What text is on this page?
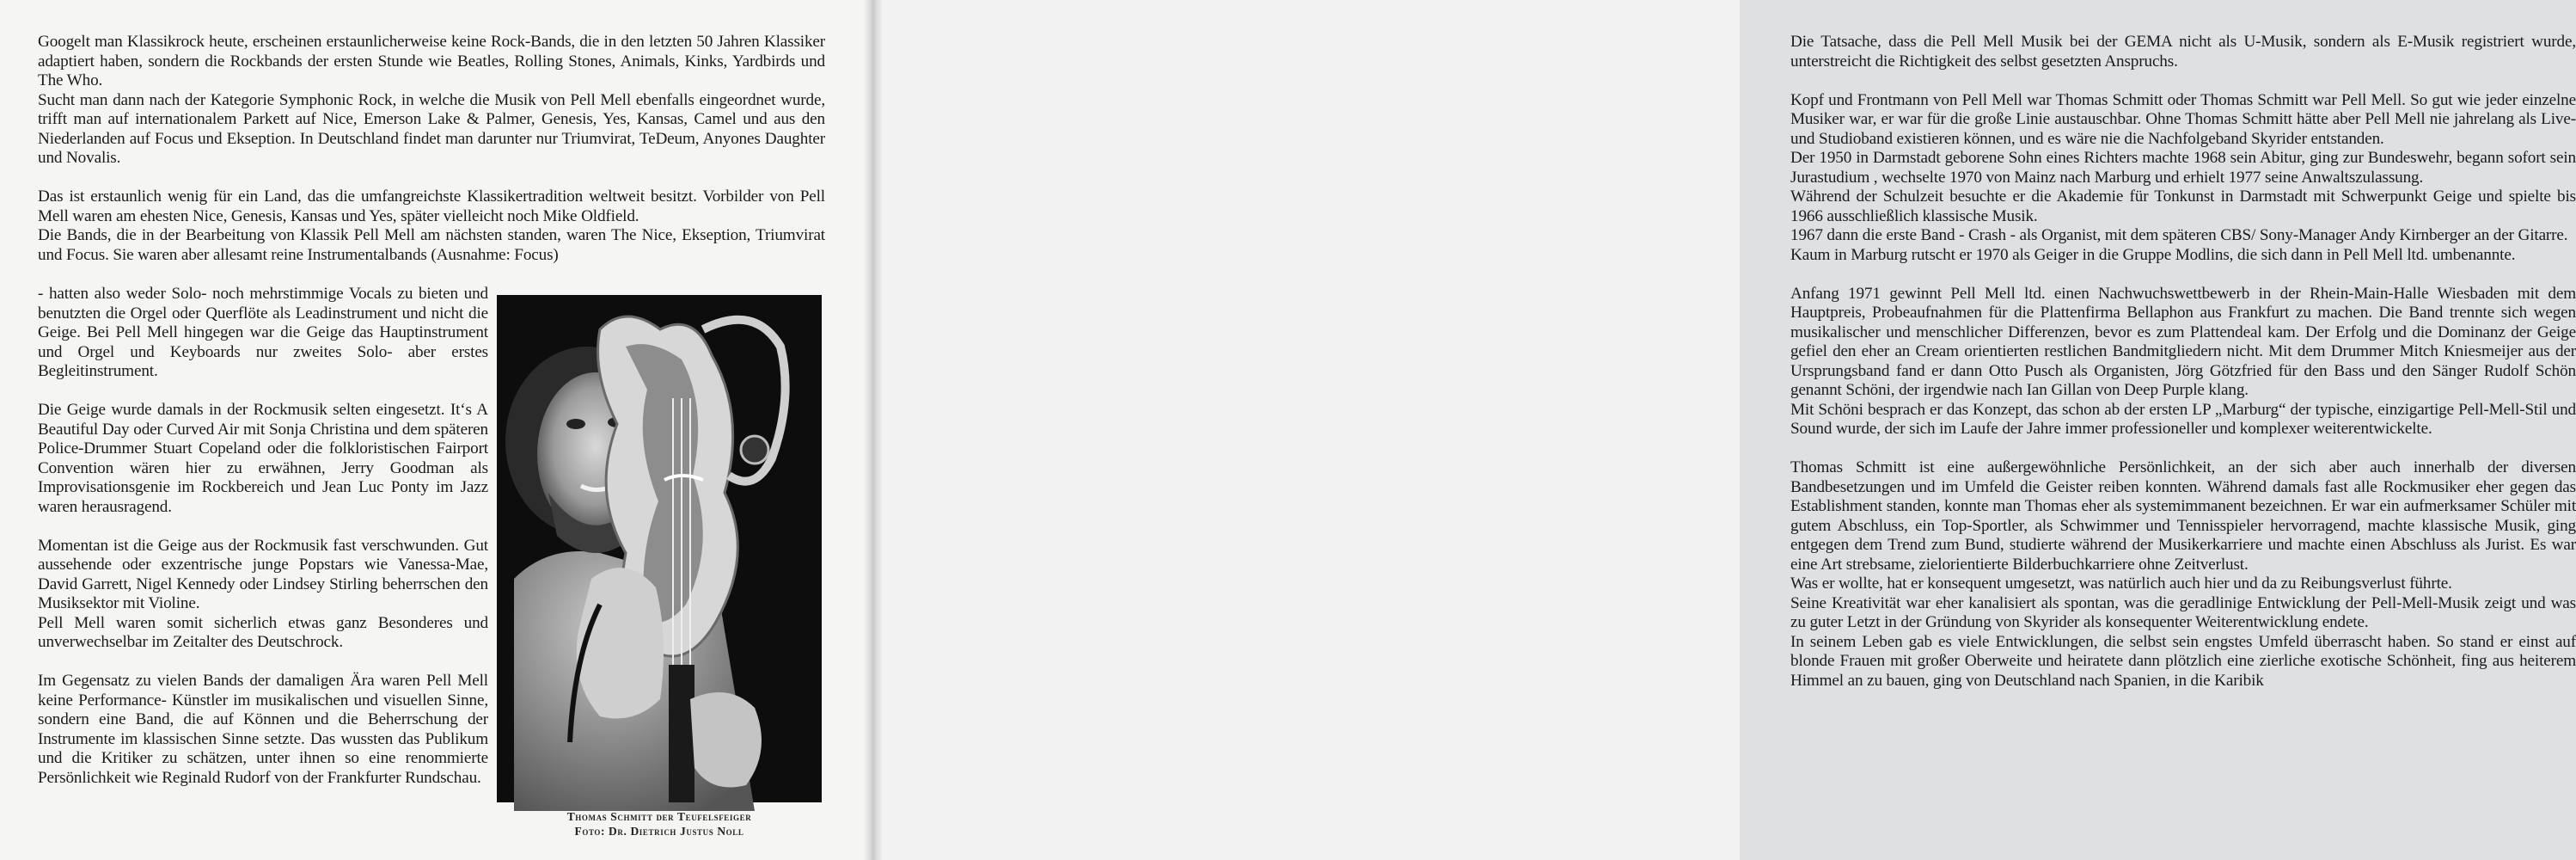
Googelt man Klassikrock heute, erscheinen erstaunlicherweise keine Rock-Bands, die in den letzten 50 Jahren Klassiker adaptiert haben, sondern die Rockbands der ersten Stunde wie Beatles, Rolling Stones, Animals, Kinks, Yardbirds und The Who.

Sucht man dann nach der Kategorie Symphonic Rock, in welche die Musik von Pell Mell ebenfalls eingeordnet wurde, trifft man auf internationalem Parkett auf Nice, Emerson Lake & Palmer, Genesis, Yes, Kansas, Camel und aus den Niederlanden auf Focus und Ekseption. In Deutschland findet man darunter nur Triumvirat, TeDeum, Anyones Daughter und Novalis.

Das ist erstaunlich wenig für ein Land, das die umfangreichste Klassikertradition weltweit besitzt. Vorbilder von Pell Mell waren am ehesten Nice, Genesis, Kansas und Yes, später vielleicht noch Mike Oldfield.

Die Bands, die in der Bearbeitung von Klassik Pell Mell am nächsten standen, waren The Nice, Ekseption, Triumvirat und Focus. Sie waren aber allesamt reine Instrumentalbands (Ausnahme: Focus)

- hatten also weder Solo- noch mehrstimmige Vocals zu bieten und benutzten die Orgel oder Querflöte als Leadinstrument und nicht die Geige. Bei Pell Mell hingegen war die Geige das Hauptinstrument und Orgel und Keyboards nur zweites Solo- aber erstes Begleitinstrument.

Die Geige wurde damals in der Rockmusik selten eingesetzt. It‘s A Beautiful Day oder Curved Air mit Sonja Christina und dem späteren Police-Drummer Stuart Copeland oder die folkloristischen Fairport Convention wären hier zu erwähnen, Jerry Goodman als Improvisationsgenie im Rockbereich und Jean Luc Ponty im Jazz waren herausragend.

Momentan ist die Geige aus der Rockmusik fast verschwunden. Gut aussehende oder exzentrische junge Popstars wie Vanessa-Mae, David Garrett, Nigel Kennedy oder Lindsey Stirling beherrschen den Musiksektor mit Violine.

Pell Mell waren somit sicherlich etwas ganz Besonderes und unverwechselbar im Zeitalter des Deutschrock.

Im Gegensatz zu vielen Bands der damaligen Ära waren Pell Mell keine Performance- Künstler im musikalischen und visuellen Sinne, sondern eine Band, die auf Können und die Beherrschung der Instrumente im klassischen Sinne setzte. Das wussten das Publikum und die Kritiker zu schätzen, unter ihnen so eine renommierte Persönlichkeit wie Reginald Rudorf von der Frankfurter Rundschau.

Thomas Schmitt der Teufelsfeiger
Foto: Dr. Dietrich Justus Noll

Die Tatsache, dass die Pell Mell Musik bei der GEMA nicht als U-Musik, sondern als E-Musik registriert wurde, unterstreicht die Richtigkeit des selbst gesetzten Anspruchs.

Kopf und Frontmann von Pell Mell war Thomas Schmitt oder Thomas Schmitt war Pell Mell. So gut wie jeder einzelne Musiker war, er war für die große Linie austauschbar. Ohne Thomas Schmitt hätte aber Pell Mell nie jahrelang als Live- und Studioband existieren können, und es wäre nie die Nachfolgeband Skyrider entstanden.

Der 1950 in Darmstadt geborene Sohn eines Richters machte 1968 sein Abitur, ging zur Bundeswehr, begann sofort sein Jurastudium , wechselte 1970 von Mainz nach Marburg und erhielt 1977 seine Anwaltszulassung.

Während der Schulzeit besuchte er die Akademie für Tonkunst in Darmstadt mit Schwerpunkt Geige und spielte bis 1966 ausschließlich klassische Musik.

1967 dann die erste Band - Crash - als Organist, mit dem späteren CBS/ Sony-Manager Andy Kirnberger an der Gitarre.

Kaum in Marburg rutscht er 1970 als Geiger in die Gruppe Modlins, die sich dann in Pell Mell ltd. umbenannte.

Anfang 1971 gewinnt Pell Mell ltd. einen Nachwuchswettbewerb in der Rhein-Main-Halle Wiesbaden mit dem Hauptpreis, Probeaufnahmen für die Plattenfirma Bellaphon aus Frankfurt zu machen. Die Band trennte sich wegen musikalischer und menschlicher Differenzen, bevor es zum Plattendeal kam. Der Erfolg und die Dominanz der Geige gefiel den eher an Cream orientierten restlichen Bandmitgliedern nicht. Mit dem Drummer Mitch Kniesmeijer aus der Ursprungsband fand er dann Otto Pusch als Organisten, Jörg Götzfried für den Bass und den Sänger Rudolf Schön genannt Schöni, der irgendwie nach Ian Gillan von Deep Purple klang.

Mit Schöni besprach er das Konzept, das schon ab der ersten LP „Marburg“ der typische, einzigartige Pell-Mell-Stil und Sound wurde, der sich im Laufe der Jahre immer professioneller und komplexer weiterentwickelte.

Thomas Schmitt ist eine außergewöhnliche Persönlichkeit, an der sich aber auch innerhalb der diversen Bandbesetzungen und im Umfeld die Geister reiben konnten. Während damals fast alle Rockmusiker eher gegen das Establishment standen, konnte man Thomas eher als systemimmanent bezeichnen. Er war ein aufmerksamer Schüler mit gutem Abschluss, ein Top-Sportler, als Schwimmer und Tennisspieler hervorragend, machte klassische Musik, ging entgegen dem Trend zum Bund, studierte während der Musikerkarriere und machte einen Abschluss als Jurist. Es war eine Art strebsame, zielorientierte Bilderbuchkarriere ohne Zeitverlust.

Was er wollte, hat er konsequent umgesetzt, was natürlich auch hier und da zu Reibungsverlust führte.

Seine Kreativität war eher kanalisiert als spontan, was die geradlinige Entwicklung der Pell-Mell-Musik zeigt und was zu guter Letzt in der Gründung von Skyrider als konsequenter Weiterentwicklung endete.

In seinem Leben gab es viele Entwicklungen, die selbst sein engstes Umfeld überrascht haben. So stand er einst auf blonde Frauen mit großer Oberweite und heiratete dann plötzlich eine zierliche exotische Schönheit, fing aus heiterem Himmel an zu bauen, ging von Deutschland nach Spanien, in die Karibik
